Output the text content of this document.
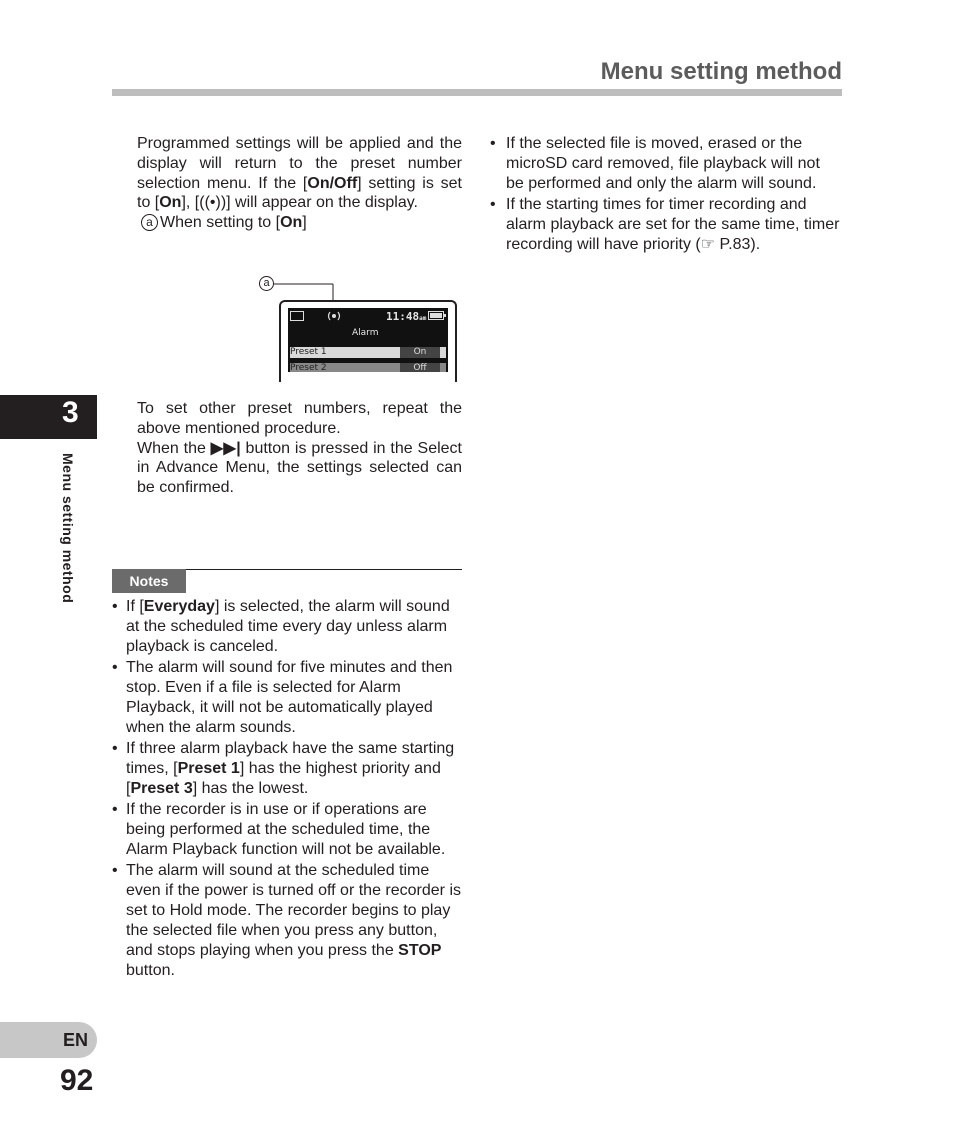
Menu setting method
3
Menu setting method

Programmed settings will be applied and the display will return to the preset number selection menu. If the [On/Off] setting is set to [On], [((•))] will appear on the display.

a When setting to [On]

a
11:48am
Alarm
Preset 1	On
Preset 2	Off

To set other preset numbers, repeat the above mentioned procedure.

When the ▶▶| button is pressed in the Select in Advance Menu, the settings selected can be confirmed.

• If the selected file is moved, erased or the microSD card removed, file playback will not be performed and only the alarm will sound.
• If the starting times for timer recording and alarm playback are set for the same time, timer recording will have priority (☞ P.83).
Notes
• If [Everyday] is selected, the alarm will sound at the scheduled time every day unless alarm playback is canceled.
• The alarm will sound for five minutes and then stop. Even if a file is selected for Alarm Playback, it will not be automatically played when the alarm sounds.
• If three alarm playback have the same starting times, [Preset 1] has the highest priority and [Preset 3] has the lowest.
• If the recorder is in use or if operations are being performed at the scheduled time, the Alarm Playback function will not be available.
• The alarm will sound at the scheduled time even if the power is turned off or the recorder is set to Hold mode. The recorder begins to play the selected file when you press any button, and stops playing when you press the STOP button.
EN
92
